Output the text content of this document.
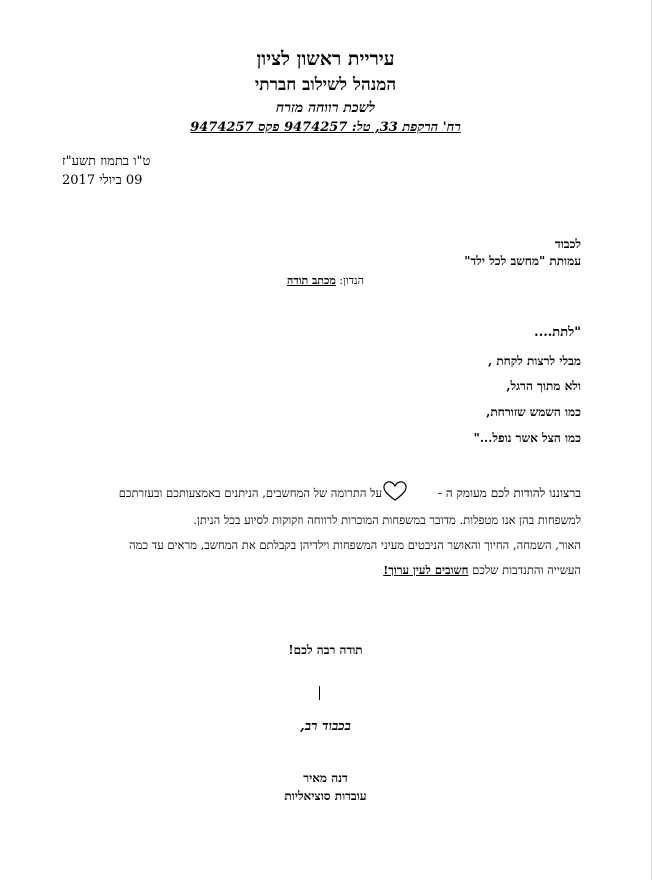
עיריית ראשון לציון
המנהל לשילוב חברתי
לשכת רווחה מזרח
רח' הרקפת 33, טל: 9474257 פקס 9474257
ט"ו בתמוז תשע"ז
09 ביולי 2017
לכבוד
עמותת "מחשב לכל ילד"
הנדון: מכתב תודה
"לתת....
מבלי לרצות לקחת ,
ולא מתוך הרגל,
כמו השמש שזורחת,
כמו הצל אשר נופל..."
ברצוננו להודות לכם מעומק ה -
על התרומה של המחשבים, הניתנים באמצעותכם ובעזרתכם
למשפחות בהן אנו מטפלות. מדובר במשפחות המוכרות לרווחה וזקוקות לסיוע בכל הניתן.
האור, השמחה, החיוך והאושר הניבטים מעיני המשפחות וילדיהן בקבלתם את המחשב, מראים עד כמה
העשייה והתנדבות שלכם חשובים לעין ערוך!
תודה רבה לכם!
בכבוד רב,
דנה מאיר
עובדות סוציאליות
